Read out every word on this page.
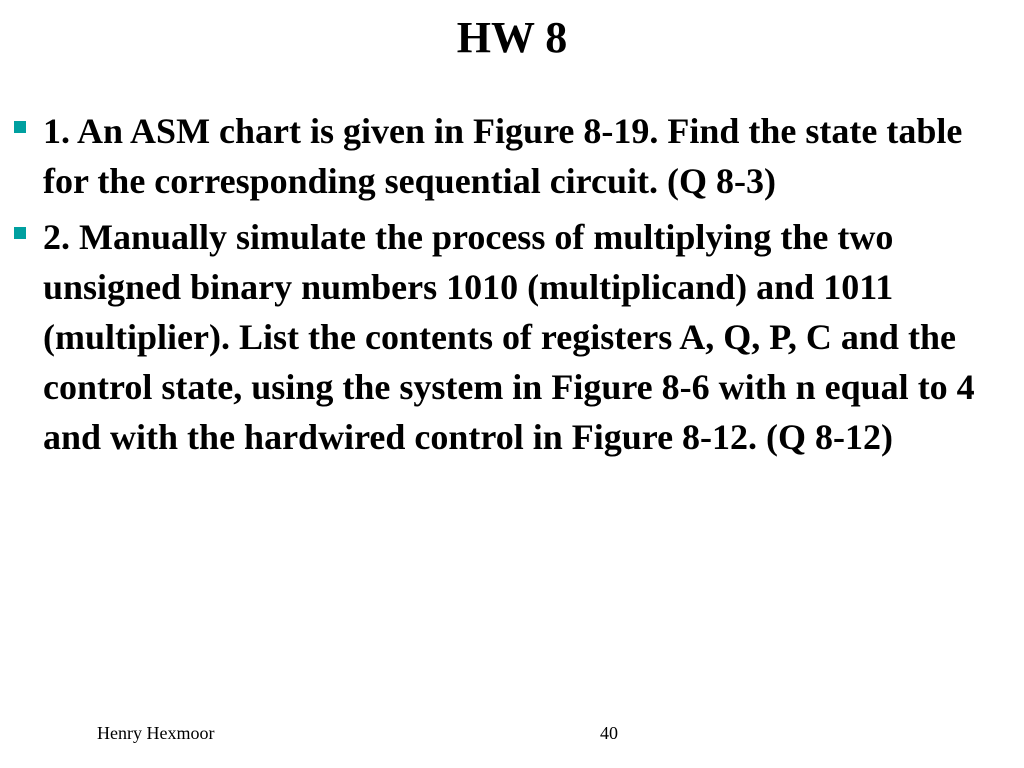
HW 8

1. An ASM chart is given in Figure 8-19. Find the state table for the corresponding sequential circuit. (Q 8-3)

2. Manually simulate the process of multiplying the two unsigned binary numbers 1010 (multiplicand) and 1011 (multiplier). List the contents of registers A, Q, P, C and the control state, using the system in Figure 8-6 with n equal to 4 and with the hardwired control in Figure 8-12. (Q 8-12)

Henry Hexmoor	40
